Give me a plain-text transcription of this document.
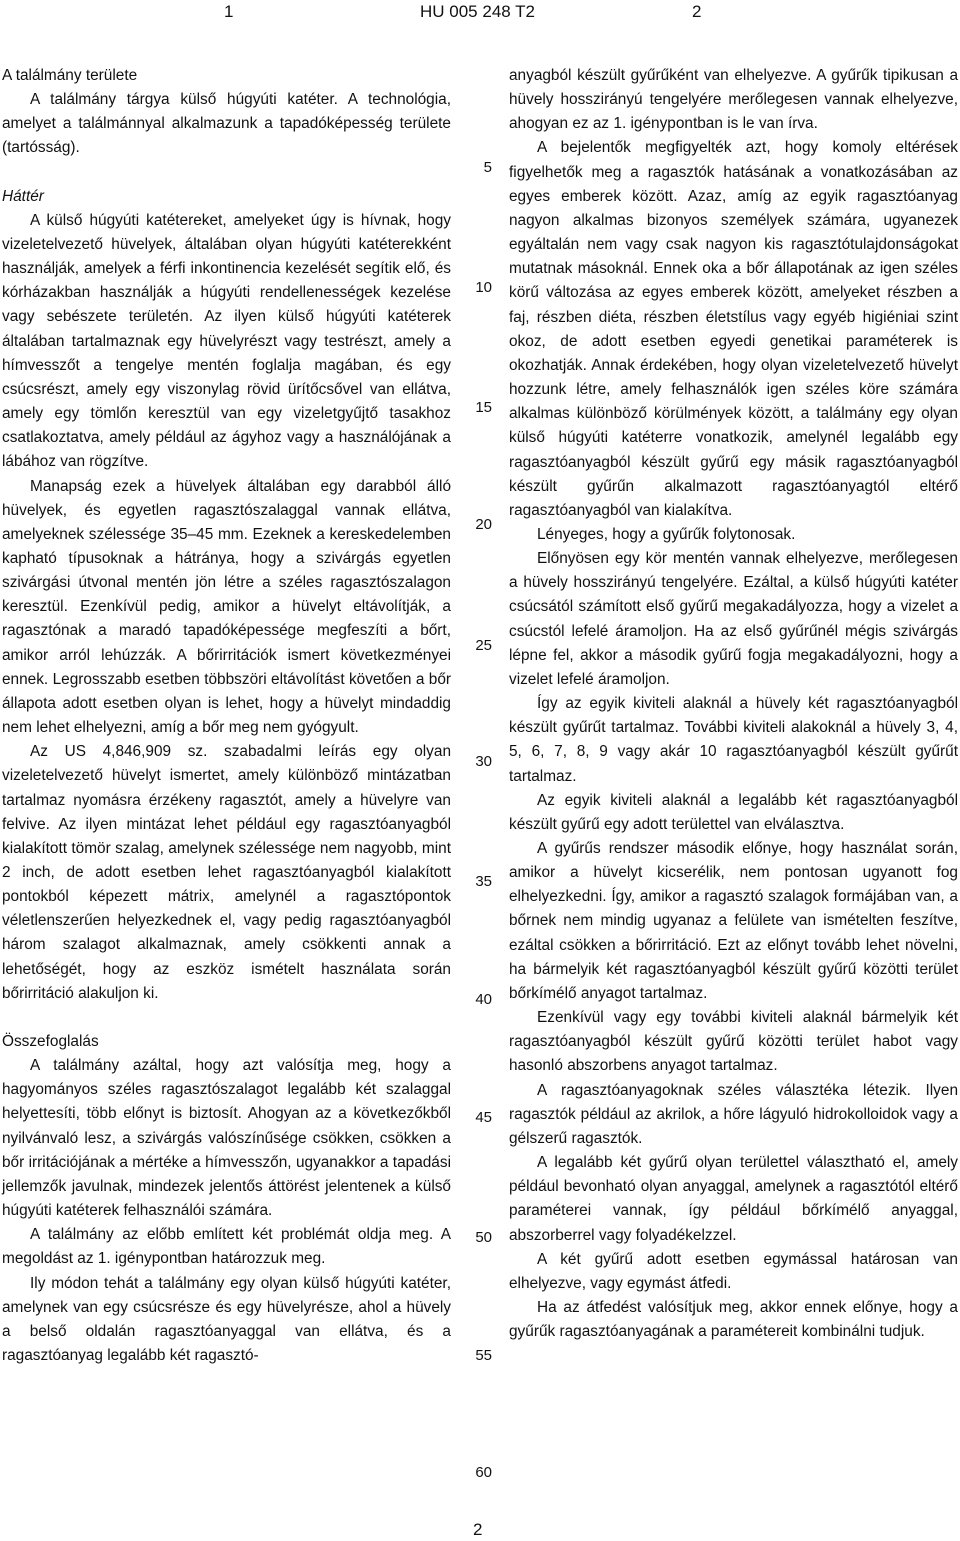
1	HU 005 248 T2	2
A találmány területe

A találmány tárgya külső húgyúti katéter. A technológia, amelyet a találmánnyal alkalmazunk a tapadóképesség területe (tartósság).

Háttér

A külső húgyúti katétereket, amelyeket úgy is hívnak, hogy vizeletelvezető hüvelyek, általában olyan húgyúti katéterekként használják, amelyek a férfi inkontinencia kezelését segítik elő, és kórházakban használják a húgyúti rendellenességek kezelése vagy sebészete területén. Az ilyen külső húgyúti katéterek általában tartalmaznak egy hüvelyrészt vagy testrészt, amely a hímvesszőt a tengelye mentén foglalja magában, és egy csúcsrészt, amely egy viszonylag rövid ürítőcsővel van ellátva, amely egy tömlőn keresztül van egy vizeletgyűjtő tasakhoz csatlakoztatva, amely például az ágyhoz vagy a használójának a lábához van rögzítve.

Manapság ezek a hüvelyek általában egy darabból álló hüvelyek, és egyetlen ragasztószalaggal vannak ellátva, amelyeknek szélessége 35–45 mm. Ezeknek a kereskedelemben kapható típusoknak a hátránya, hogy a szivárgás egyetlen szivárgási útvonal mentén jön létre a széles ragasztószalagon keresztül. Ezenkívül pedig, amikor a hüvelyt eltávolítják, a ragasztónak a maradó tapadóképessége megfeszíti a bőrt, amikor arról lehúzzák. A bőrirritációk ismert következményei ennek. Legrosszabb esetben többszöri eltávolítást követően a bőr állapota adott esetben olyan is lehet, hogy a hüvelyt mindaddig nem lehet elhelyezni, amíg a bőr meg nem gyógyult.

Az US 4,846,909 sz. szabadalmi leírás egy olyan vizeletelvezető hüvelyt ismertet, amely különböző mintázatban tartalmaz nyomásra érzékeny ragasztót, amely a hüvelyre van felvive. Az ilyen mintázat lehet például egy ragasztóanyagból kialakított tömör szalag, amelynek szélessége nem nagyobb, mint 2 inch, de adott esetben lehet ragasztóanyagból kialakított pontokból képezett mátrix, amelynél a ragasztópontok véletlenszerűen helyezkednek el, vagy pedig ragasztóanyagból három szalagot alkalmaznak, amely csökkenti annak a lehetőségét, hogy az eszköz ismételt használata során bőrirritáció alakuljon ki.

Összefoglalás

A találmány azáltal, hogy azt valósítja meg, hogy a hagyományos széles ragasztószalagot legalább két szalaggal helyettesíti, több előnyt is biztosít. Ahogyan az a következőkből nyilvánvaló lesz, a szivárgás valószínűsége csökken, csökken a bőr irritációjának a mértéke a hímvesszőn, ugyanakkor a tapadási jellemzők javulnak, mindezek jelentős áttörést jelentenek a külső húgyúti katéterek felhasználói számára.

A találmány az előbb említett két problémát oldja meg. A megoldást az 1. igénypontban határozzuk meg.

Ily módon tehát a találmány egy olyan külső húgyúti katéter, amelynek van egy csúcsrésze és egy hüvelyrésze, ahol a hüvely a belső oldalán ragasztóanyaggal van ellátva, és a ragasztóanyag legalább két ragasztó-

5
10
15
20
25
30
35
40
45
50
55
60

anyagból készült gyűrűként van elhelyezve. A gyűrűk tipikusan a hüvely hosszirányú tengelyére merőlegesen vannak elhelyezve, ahogyan ez az 1. igénypontban is le van írva.

A bejelentők megfigyelték azt, hogy komoly eltérések figyelhetők meg a ragasztók hatásának a vonatkozásában az egyes emberek között. Azaz, amíg az egyik ragasztóanyag nagyon alkalmas bizonyos személyek számára, ugyanezek egyáltalán nem vagy csak nagyon kis ragasztótulajdonságokat mutatnak másoknál. Ennek oka a bőr állapotának az igen széles körű változása az egyes emberek között, amelyeket részben a faj, részben diéta, részben életstílus vagy egyéb higiéniai szint okoz, de adott esetben egyedi genetikai paraméterek is okozhatják. Annak érdekében, hogy olyan vizeletelvezető hüvelyt hozzunk létre, amely felhasználók igen széles köre számára alkalmas különböző körülmények között, a találmány egy olyan külső húgyúti katéterre vonatkozik, amelynél legalább egy ragasztóanyagból készült gyűrű egy másik ragasztóanyagból készült gyűrűn alkalmazott ragasztóanyagtól eltérő ragasztóanyagból van kialakítva.

Lényeges, hogy a gyűrűk folytonosak.

Előnyösen egy kör mentén vannak elhelyezve, merőlegesen a hüvely hosszirányú tengelyére. Ezáltal, a külső húgyúti katéter csúcsától számított első gyűrű megakadályozza, hogy a vizelet a csúcstól lefelé áramoljon. Ha az első gyűrűnél mégis szivárgás lépne fel, akkor a második gyűrű fogja megakadályozni, hogy a vizelet lefelé áramoljon.

Így az egyik kiviteli alaknál a hüvely két ragasztóanyagból készült gyűrűt tartalmaz. További kiviteli alakoknál a hüvely 3, 4, 5, 6, 7, 8, 9 vagy akár 10 ragasztóanyagból készült gyűrűt tartalmaz.

Az egyik kiviteli alaknál a legalább két ragasztóanyagból készült gyűrű egy adott területtel van elválasztva.

A gyűrűs rendszer második előnye, hogy használat során, amikor a hüvelyt kicserélik, nem pontosan ugyanott fog elhelyezkedni. Így, amikor a ragasztó szalagok formájában van, a bőrnek nem mindig ugyanaz a felülete van ismételten feszítve, ezáltal csökken a bőrirritáció. Ezt az előnyt tovább lehet növelni, ha bármelyik két ragasztóanyagból készült gyűrű közötti terület bőrkímélő anyagot tartalmaz.

Ezenkívül vagy egy további kiviteli alaknál bármelyik két ragasztóanyagból készült gyűrű közötti terület habot vagy hasonló abszorbens anyagot tartalmaz.

A ragasztóanyagoknak széles választéka létezik. Ilyen ragasztók például az akrilok, a hőre lágyuló hidrokolloidok vagy a gélszerű ragasztók.

A legalább két gyűrű olyan területtel választható el, amely például bevonható olyan anyaggal, amelynek a ragasztótól eltérő paraméterei vannak, így például bőrkímélő anyaggal, abszorberrel vagy folyadékelzzel.

A két gyűrű adott esetben egymással határosan van elhelyezve, vagy egymást átfedi.

Ha az átfedést valósítjuk meg, akkor ennek előnye, hogy a gyűrűk ragasztóanyagának a paramétereit kombinálni tudjuk.

2
